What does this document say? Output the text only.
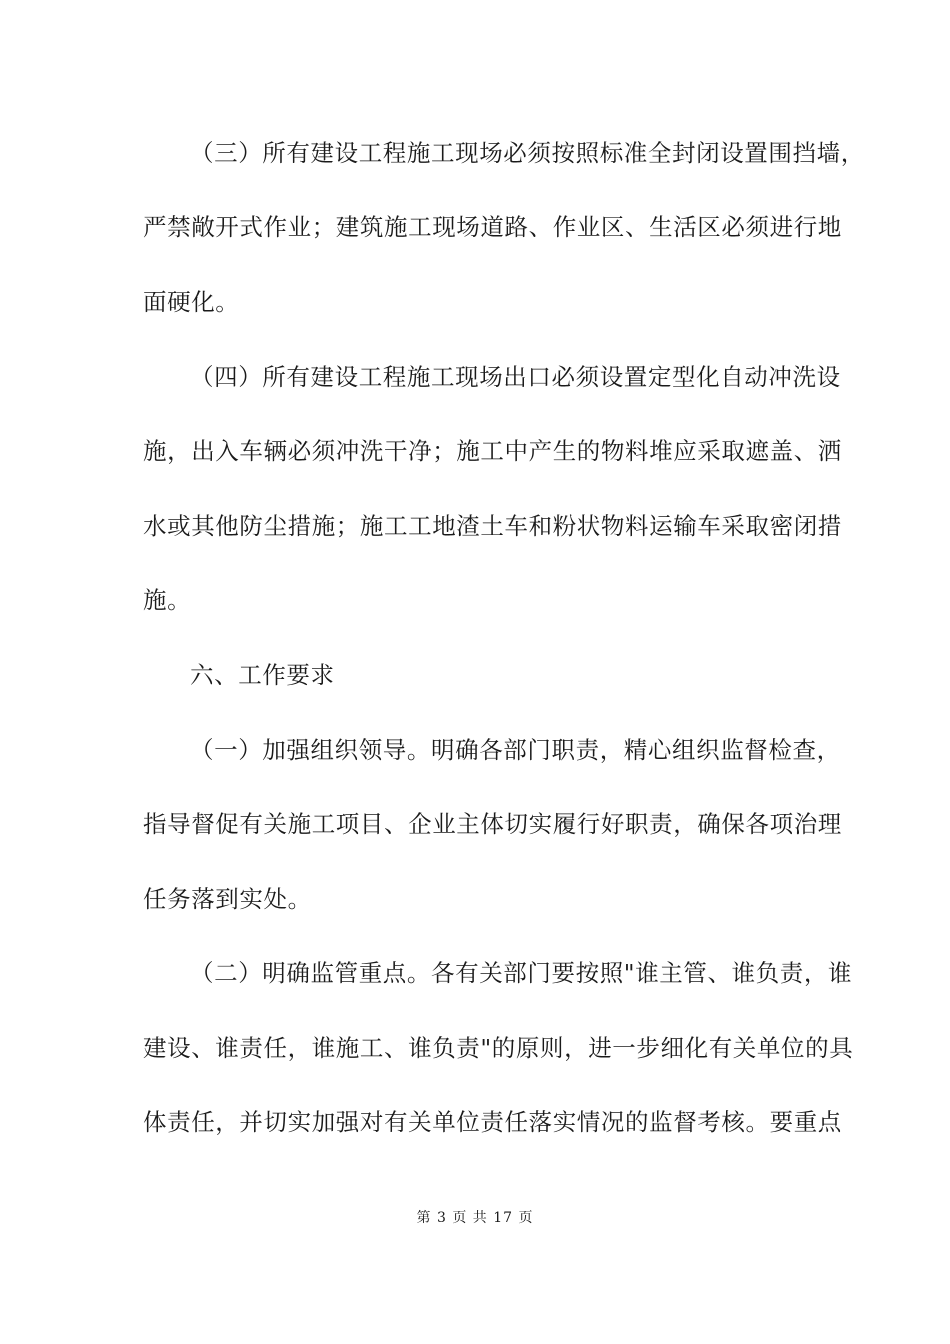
（三）所有建设工程施工现场必须按照标准全封闭设置围挡墙，
严禁敞开式作业；建筑施工现场道路、作业区、生活区必须进行地
面硬化。
（四）所有建设工程施工现场出口必须设置定型化自动冲洗设
施，出入车辆必须冲洗干净；施工中产生的物料堆应采取遮盖、洒
水或其他防尘措施；施工工地渣土车和粉状物料运输车采取密闭措
施。
六、工作要求
（一）加强组织领导。明确各部门职责，精心组织监督检查，
指导督促有关施工项目、企业主体切实履行好职责，确保各项治理
任务落到实处。
（二）明确监管重点。各有关部门要按照"谁主管、谁负责，谁
建设、谁责任，谁施工、谁负责"的原则，进一步细化有关单位的具
体责任，并切实加强对有关单位责任落实情况的监督考核。要重点
第 3 页 共 17 页
